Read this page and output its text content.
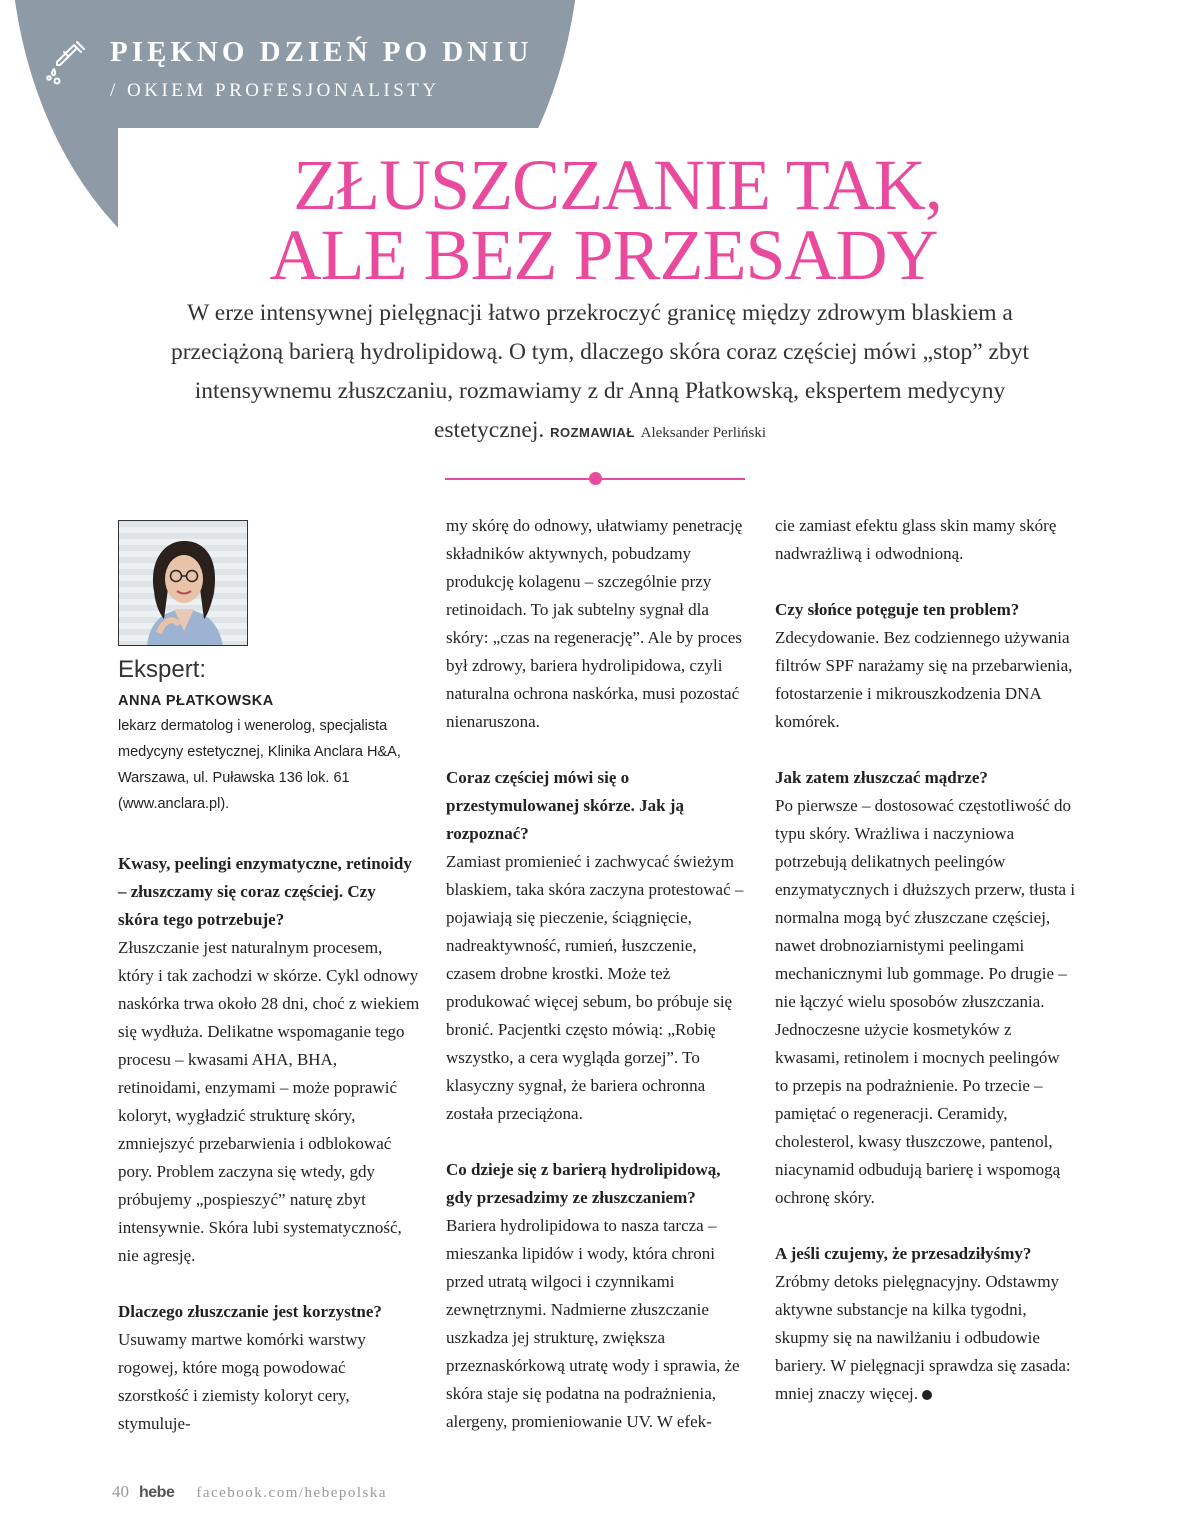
PIĘKNO DZIEŃ PO DNIU
/ OKIEM PROFESJONALISTY
ZŁUSZCZANIE TAK,
ALE BEZ PRZESADY
W erze intensywnej pielęgnacji łatwo przekroczyć granicę między zdrowym blaskiem a przeciążoną barierą hydrolipidową. O tym, dlaczego skóra coraz częściej mówi „stop” zbyt intensywnemu złuszczaniu, rozmawiamy z dr Anną Płatkowską, ekspertem medycyny estetycznej. ROZMAWIAŁ Aleksander Perliński
Ekspert:
ANNA PŁATKOWSKA
lekarz dermatolog i wenerolog, specjalista medycyny estetycznej, Klinika Anclara H&A, Warszawa, ul. Puławska 136 lok. 61 (www.anclara.pl).

Kwasy, peelingi enzymatyczne, retinoidy – złuszczamy się coraz częściej. Czy skóra tego potrzebuje?

Złuszczanie jest naturalnym procesem, który i tak zachodzi w skórze. Cykl odnowy naskórka trwa około 28 dni, choć z wiekiem się wydłuża. Delikatne wspomaganie tego procesu – kwasami AHA, BHA, retinoidami, enzymami – może poprawić koloryt, wygładzić strukturę skóry, zmniejszyć przebarwienia i odblokować pory. Problem zaczyna się wtedy, gdy próbujemy „pospieszyć” naturę zbyt intensywnie. Skóra lubi systematyczność, nie agresję.

Dlaczego złuszczanie jest korzystne?

Usuwamy martwe komórki warstwy rogowej, które mogą powodować szorstkość i ziemisty koloryt cery, stymuluje-

my skórę do odnowy, ułatwiamy penetrację składników aktywnych, pobudzamy produkcję kolagenu – szczególnie przy retinoidach. To jak subtelny sygnał dla skóry: „czas na regenerację”. Ale by proces był zdrowy, bariera hydrolipidowa, czyli naturalna ochrona naskórka, musi pozostać nienaruszona.

Coraz częściej mówi się o przestymulowanej skórze. Jak ją rozpoznać?

Zamiast promienieć i zachwycać świeżym blaskiem, taka skóra zaczyna protestować – pojawiają się pieczenie, ściągnięcie, nadreaktywność, rumień, łuszczenie, czasem drobne krostki. Może też produkować więcej sebum, bo próbuje się bronić. Pacjentki często mówią: „Robię wszystko, a cera wygląda gorzej”. To klasyczny sygnał, że bariera ochronna została przeciążona.

Co dzieje się z barierą hydrolipidową, gdy przesadzimy ze złuszczaniem?

Bariera hydrolipidowa to nasza tarcza – mieszanka lipidów i wody, która chroni przed utratą wilgoci i czynnikami zewnętrznymi. Nadmierne złuszczanie uszkadza jej strukturę, zwiększa przeznaskórkową utratę wody i sprawia, że skóra staje się podatna na podrażnienia, alergeny, promieniowanie UV. W efek-

cie zamiast efektu glass skin mamy skórę nadwrażliwą i odwodnioną.

Czy słońce potęguje ten problem?

Zdecydowanie. Bez codziennego używania filtrów SPF narażamy się na przebarwienia, fotostarzenie i mikrouszkodzenia DNA komórek.

Jak zatem złuszczać mądrze?

Po pierwsze – dostosować częstotliwość do typu skóry. Wrażliwa i naczyniowa potrzebują delikatnych peelingów enzymatycznych i dłuższych przerw, tłusta i normalna mogą być złuszczane częściej, nawet drobnoziarnistymi peelingami mechanicznymi lub gommage. Po drugie – nie łączyć wielu sposobów złuszczania. Jednoczesne użycie kosmetyków z kwasami, retinolem i mocnych peelingów to przepis na podrażnienie. Po trzecie – pamiętać o regeneracji. Ceramidy, cholesterol, kwasy tłuszczowe, pantenol, niacynamid odbudują barierę i wspomogą ochronę skóry.

A jeśli czujemy, że przesadziłyśmy?

Zróbmy detoks pielęgnacyjny. Odstawmy aktywne substancje na kilka tygodni, skupmy się na nawilżaniu i odbudowie bariery. W pielęgnacji sprawdza się zasada: mniej znaczy więcej.

40 hebe facebook.com/hebepolska
